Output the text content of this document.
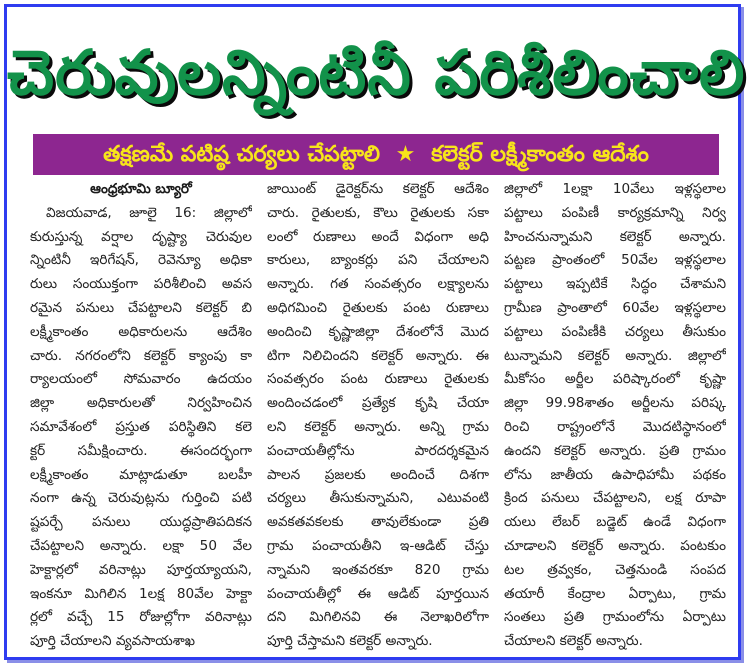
చెరువులన్నింటినీ పరిశీలించాలి
తక్షణమే పటిష్ఠ చర్యలు చేపట్టాలి ★ కలెక్టర్ లక్ష్మీకాంతం ఆదేశం
ఆంధ్రభూమి బ్యూరో
విజయవాడ, జూలై 16: జిల్లాలో
కురుస్తున్న వర్షాల దృష్ట్యా చెరువుల
న్నింటినీ ఇరిగేషన్, రెవెన్యూ అధికా
రులు సంయుక్తంగా పరిశీలించి అవస
రమైన పనులు చేపట్టాలని కలెక్టర్ బి
లక్ష్మీకాంతం అధికారులను ఆదేశిం
చారు. నగరంలోని కలెక్టర్ క్యాంపు కా
ర్యాలయంలో సోమవారం ఉదయం
జిల్లా అధికారులతో నిర్వహించిన
సమావేశంలో ప్రస్తుత పరిస్థితిని కలె
క్టర్ సమీక్షించారు. ఈసందర్భంగా
లక్ష్మీకాంతం మాట్లాడుతూ బలహీ
నంగా ఉన్న చెరువుట్లను గుర్తించి పటి
ష్టపర్చే పనులు యుద్ధప్రాతిపదికన
చేపట్టాలని అన్నారు. లక్షా 50 వేల
హెక్టార్లలో వరినాట్లు పూర్తయ్యాయని,
ఇంకనూ మిగిలిన 1లక్ష 80వేల హెక్టా
ర్లలో వచ్చే 15 రోజుల్లోగా వరినాట్లు
పూర్తి చేయాలని వ్యవసాయశాఖ
జాయింట్ డైరెక్టర్‌ను కలెక్టర్ ఆదేశిం
చారు. రైతులకు, కౌలు రైతులకు సకా
లంలో రుణాలు అందే విధంగా అధి
కారులు, బ్యాంకర్లు పని చేయాలని
అన్నారు. గత సంవత్సరం లక్ష్యాలను
అధిగమించి రైతులకు పంట రుణాలు
అందించి కృష్ణాజిల్లా దేశంలోనే మొద
టిగా నిలిచిందని కలెక్టర్ అన్నారు. ఈ
సంవత్సరం పంట రుణాలు రైతులకు
అందించడంలో ప్రత్యేక కృషి చేయా
లని కలెక్టర్ అన్నారు. అన్ని గ్రామ
పంచాయతీల్లోను పారదర్శకమైన
పాలన ప్రజలకు అందించే దిశగా
చర్యలు తీసుకున్నామని, ఎటువంటి
అవకతవకలకు తావులేకుండా ప్రతి
గ్రామ పంచాయతీని ఇ-ఆడిట్ చేస్తు
న్నామని ఇంతవరకూ 820 గ్రామ
పంచాయతీల్లో ఈ ఆడిట్ పూర్తయిన
దని మిగిలినవి ఈ నెలాఖరిలోగా
పూర్తి చేస్తామని కలెక్టర్ అన్నారు.
జిల్లాలో 1లక్షా 10వేలు ఇళ్లస్థలాల
పట్టాలు పంపిణీ కార్యక్రమాన్ని నిర్వ
హించనున్నామని కలెక్టర్ అన్నారు.
పట్టణ ప్రాంతంలో 50వేల ఇళ్లస్థలాల
పట్టాలు ఇప్పటికే సిద్ధం చేశామని
గ్రామీణ ప్రాంతాలో 60వేల ఇళ్లస్థలాల
పట్టాలు పంపిణీకి చర్యలు తీసుకుం
టున్నామని కలెక్టర్ అన్నారు. జిల్లాలో
మీకోసం అర్జీల పరిష్కారంలో కృష్ణా
జిల్లా 99.98శాతం అర్జీలను పరిష్క
రించి రాష్ట్రంలోనే మొదటిస్థానంలో
ఉందని కలెక్టర్ అన్నారు. ప్రతి గ్రామం
లోను జాతీయ ఉపాధిహామీ పథకం
క్రింద పనులు చేపట్టాలని, లక్ష రూపా
యలు లేబర్ బడ్జెట్ ఉండే విధంగా
చూడాలని కలెక్టర్ అన్నారు. పంటకుం
టల త్రవ్వకం, చెత్తనుండి సంపద
తయారీ కేంద్రాల ఏర్పాటు, గ్రామ
సంతలు ప్రతి గ్రామంలోను ఏర్పాటు
చేయాలని కలెక్టర్ అన్నారు.
